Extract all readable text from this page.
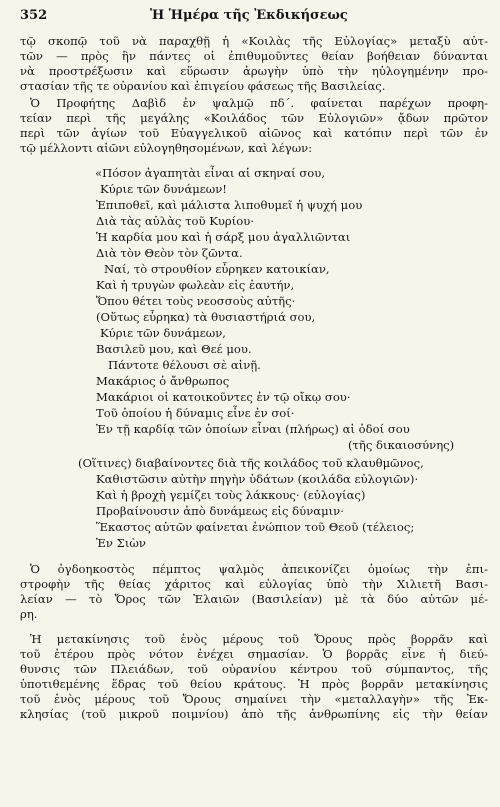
352	Ἡ Ἡμέρα τῆς Ἐκδικήσεως
τῷ σκοπῷ τοῦ νὰ παραχθῇ ἡ «Κοιλὰς τῆς Εὐλογίας» μεταξὺ αὐτ-
τῶν — πρὸς ἣν πάντες οἱ ἐπιθυμοῦντες θείαν βοήθειαν δύνανται
νὰ προστρέξωσιν καὶ εὕρωσιν ἀρωγὴν ὑπὸ τὴν ηὐλογημένην προ-
στασίαν τῆς τε οὐρανίου καὶ ἐπιγείου φάσεως τῆς Βασιλείας.
Ὁ Προφήτης Δαβὶδ ἐν ψαλμῷ πδ΄. φαίνεται παρέχων προφη-
τείαν περὶ τῆς μεγάλης «Κοιλάδος τῶν Εὐλογιῶν» ᾄδων πρῶτον
περὶ τῶν ἁγίων τοῦ Εὐαγγελικοῦ αἰῶνος καὶ κατόπιν περὶ τῶν ἐν
τῷ μέλλοντι αἰῶνι εὐλογηθησομένων, καὶ λέγων:
«Πόσον ἀγαπητὰι εἶναι αἱ σκηναί σου,
Κύριε τῶν δυνάμεων!
Ἐπιποθεῖ, καὶ μάλιστα λιποθυμεῖ ἡ ψυχή μου
Διὰ τὰς αὐλὰς τοῦ Κυρίου·
Ἡ καρδία μου καὶ ἡ σάρξ μου ἀγαλλιῶνται
Διὰ τὸν Θεὸν τὸν ζῶντα.
Ναί, τὸ στρουθίον εὗρηκεν κατοικίαν,
Καὶ ἡ τρυγὼν φωλεὰν εἰς ἑαυτήν,
Ὅπου θέτει τοὺς νεοσσοὺς αὐτῆς·
(Οὕτως εὗρηκα) τὰ θυσιαστήριά σου,
Κύριε τῶν δυνάμεων,
Βασιλεῦ μου, καὶ Θεέ μου.
Πάντοτε θέλουσι σὲ αἰνῇ.
Μακάριος ὁ ἄνθρωπος
Μακάριοι οἱ κατοικοῦντες ἐν τῷ οἴκῳ σου·
Τοῦ ὁποίου ἡ δύναμις εἶνε ἐν σοί·
Ἐν τῇ καρδίᾳ τῶν ὁποίων εἶναι (πλήρως) αἱ ὁδοί σου
(τῆς δικαιοσύνης)
(Οἵτινες) διαβαίνοντες διὰ τῆς κοιλάδος τοῦ κλαυθμῶνος,
Καθιστῶσιν αὐτὴν πηγὴν ὑδάτων (κοιλάδα εὐλογιῶν)·
Καὶ ἡ βροχὴ γεμίζει τοὺς λάκκους· (εὐλογίας)
Προβαίνουσιν ἀπὸ δυνάμεως εἰς δύναμιν·
Ἕκαστος αὐτῶν φαίνεται ἐνώπιον τοῦ Θεοῦ (τέλειος;
Ἐν Σιὼν
Ὁ ὀγδοηκοστὸς πέμπτος ψαλμὸς ἀπεικονίζει ὁμοίως τὴν ἐπι-
στροφὴν τῆς θείας χάριτος καὶ εὐλογίας ὑπὸ τὴν Χιλιετῆ Βασι-
λείαν — τὸ Ὄρος τῶν Ἐλαιῶν (Βασιλείαν) μὲ τὰ δύο αὐτῶν μέ-
ρη.
Ἡ μετακίνησις τοῦ ἑνὸς μέρους τοῦ Ὄρους πρὸς βορρᾶν καὶ
τοῦ ἑτέρου πρὸς νότον ἐνέχει σημασίαν. Ὁ βορρᾶς εἶνε ἡ διεύ-
θυνσις τῶν Πλειάδων, τοῦ οὐρανίου κέντρου τοῦ σύμπαντος, τῆς
ὑποτιθεμένης ἕδρας τοῦ θείου κράτους. Ἡ πρὸς βορρᾶν μετακίνησις
τοῦ ἑνὸς μέρους τοῦ Ὄρους σημαίνει τὴν «μεταλλαγὴν» τῆς Ἐκ-
κλησίας (τοῦ μικροῦ ποιμνίου) ἀπὸ τῆς ἀνθρωπίνης εἰς τὴν θείαν
